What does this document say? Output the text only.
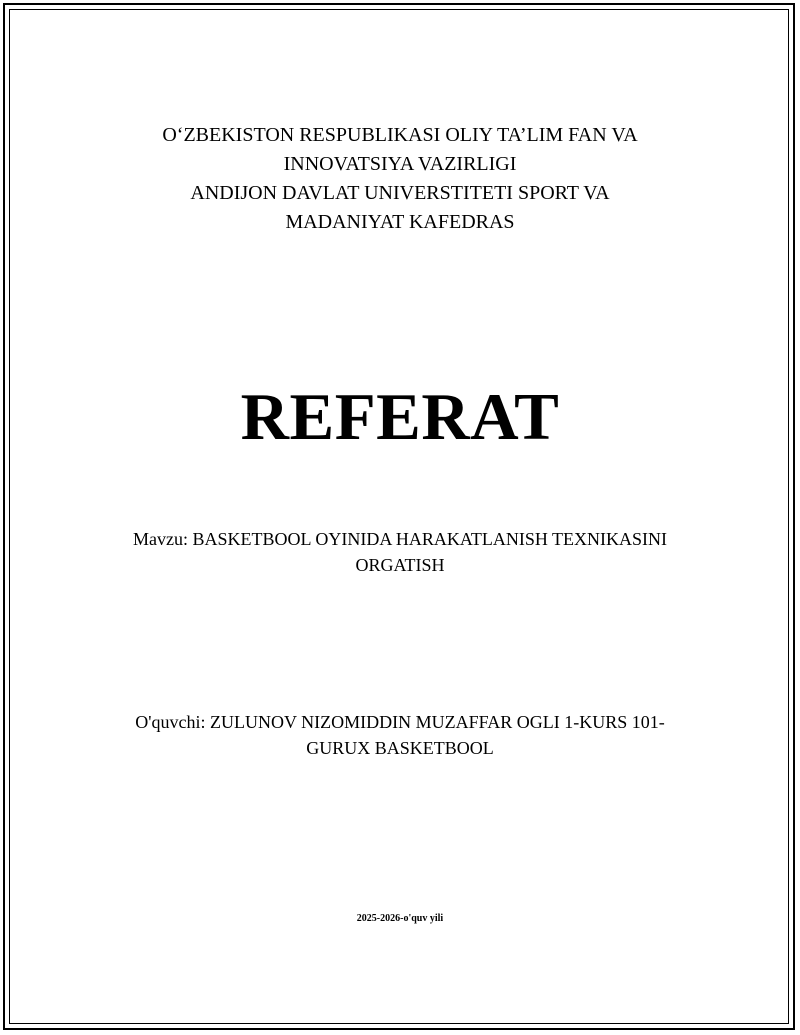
O‘ZBEKISTON RESPUBLIKASI OLIY TA’LIM FAN VA
INNOVATSIYA VAZIRLIGI
ANDIJON DAVLAT UNIVERSTITETI SPORT VA
MADANIYAT KAFEDRAS
REFERAT
Mavzu: BASKETBOOL OYINIDA HARAKATLANISH TEXNIKASINI
ORGATISH
O'quvchi: ZULUNOV NIZOMIDDIN MUZAFFAR OGLI 1-KURS 101-
GURUX BASKETBOOL
2025-2026-o'quv yili
